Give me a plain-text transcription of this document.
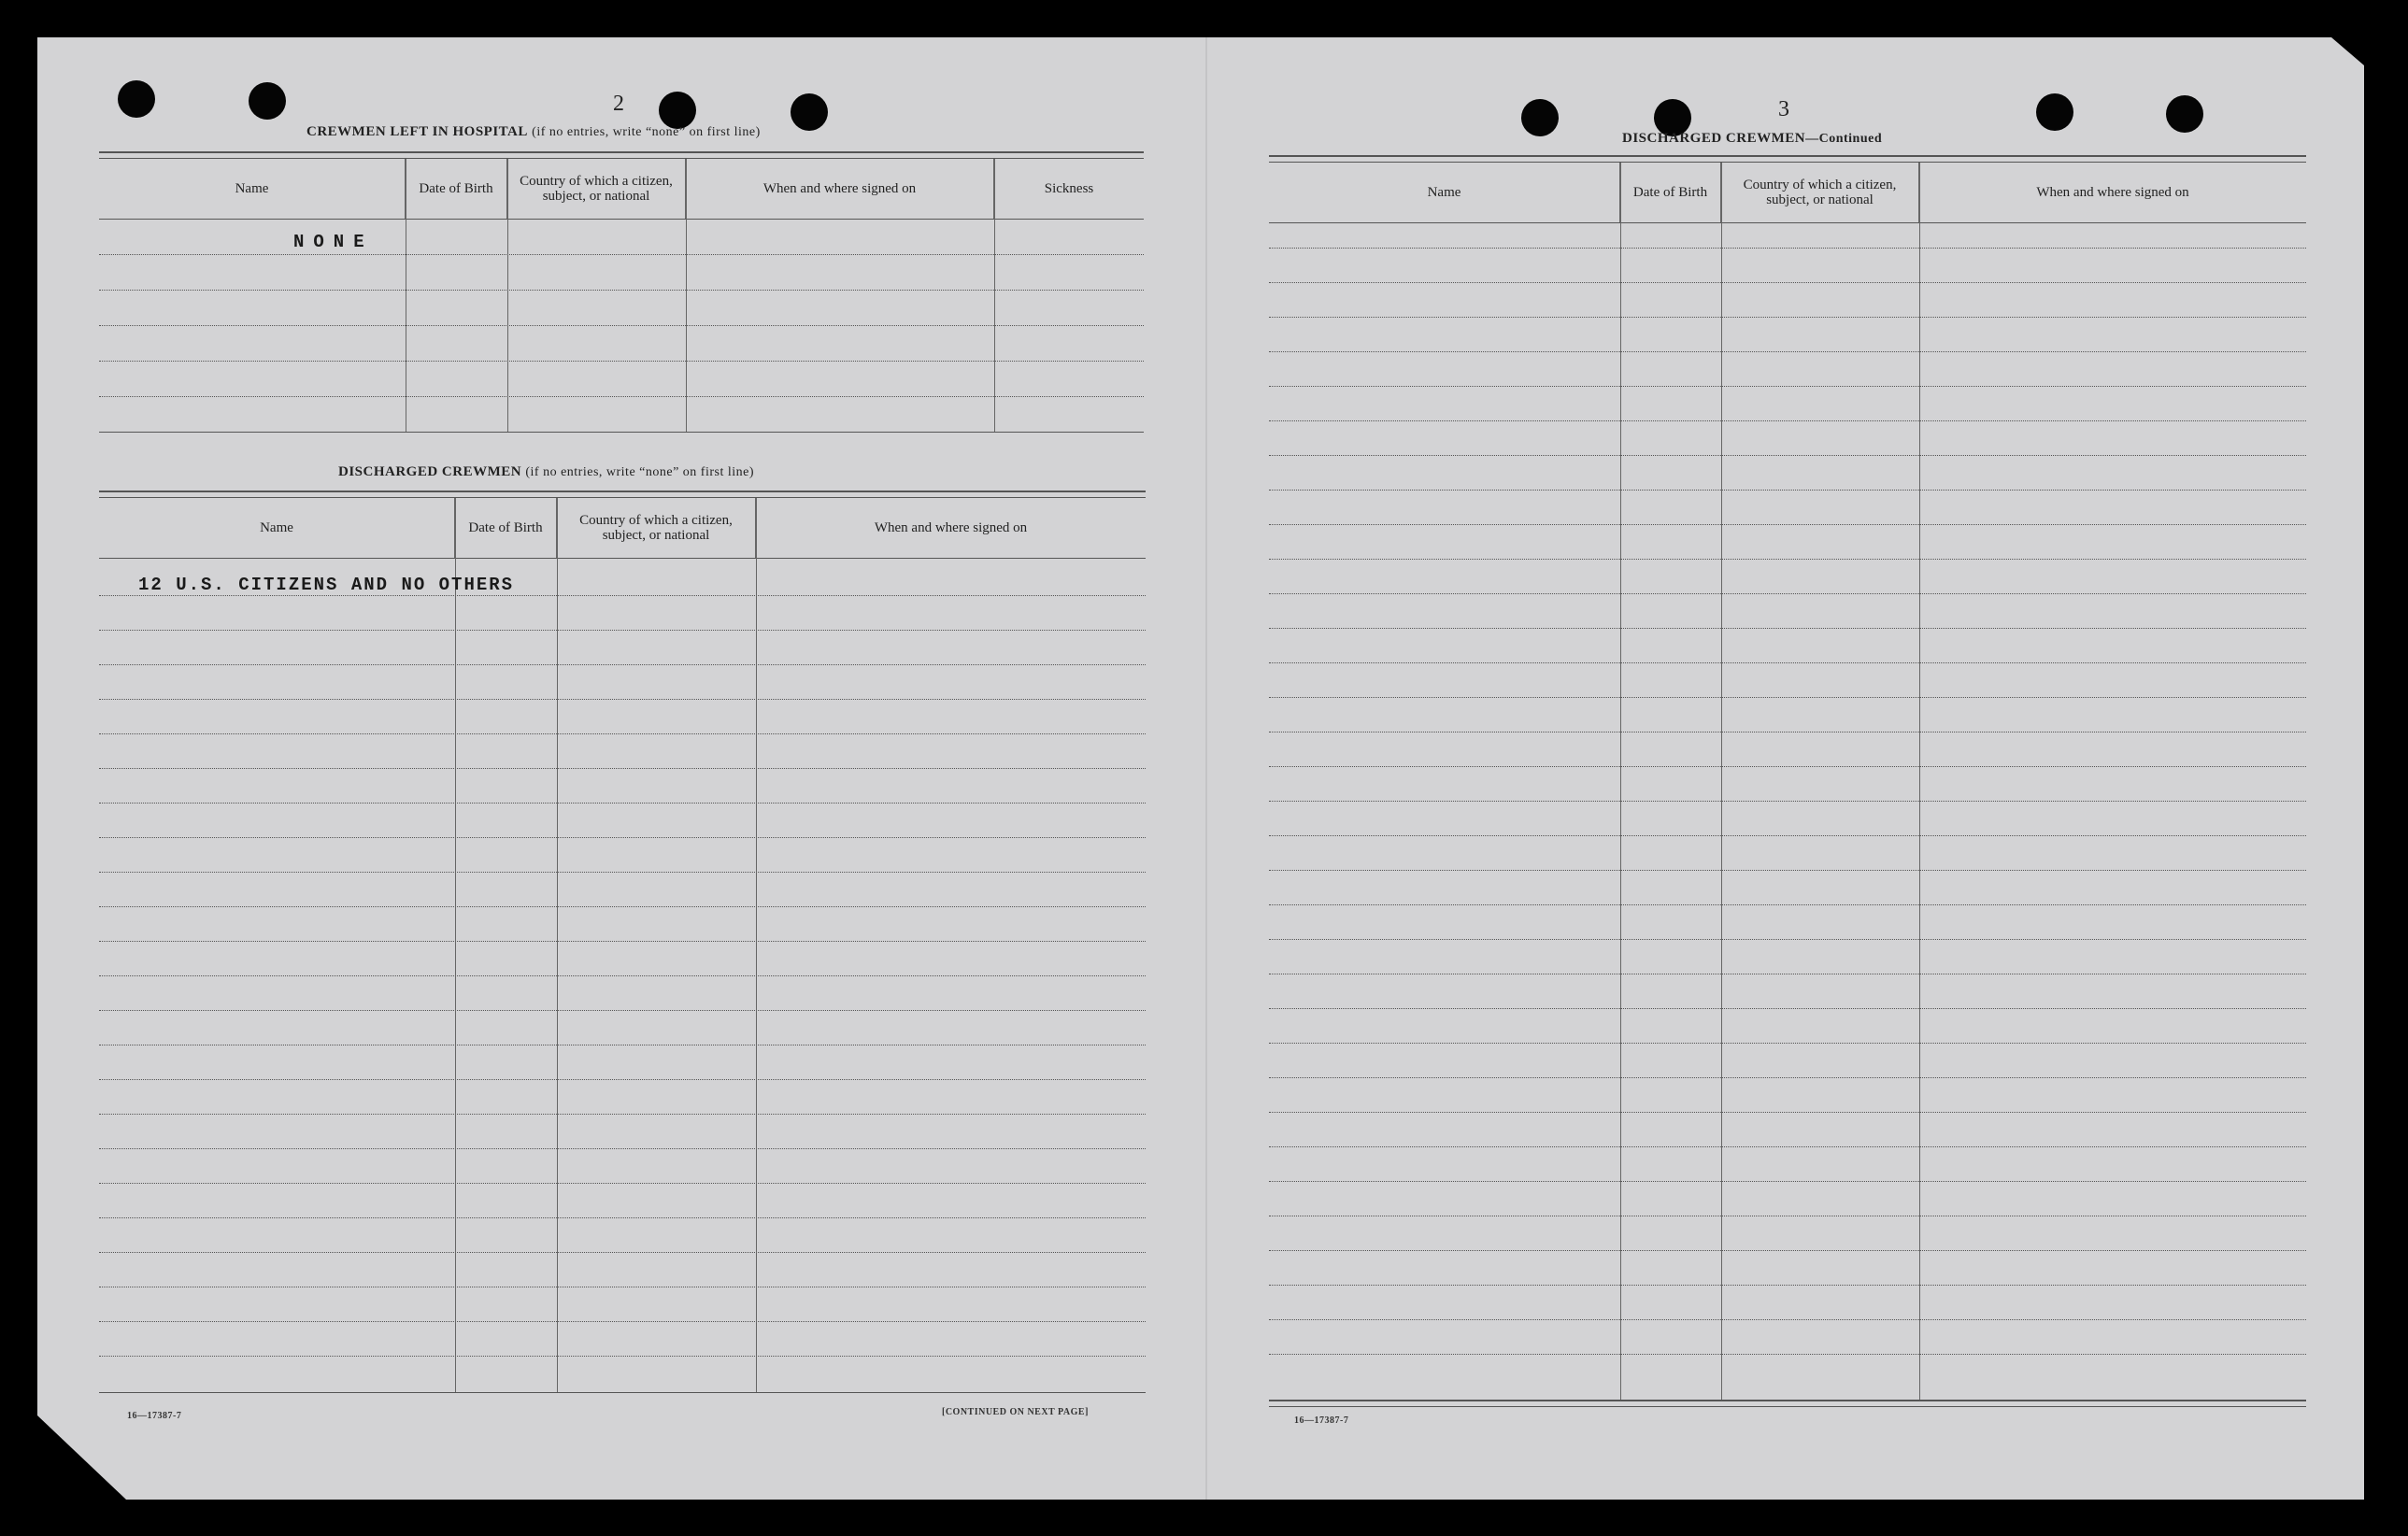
2
CREWMEN LEFT IN HOSPITAL (if no entries, write “none” on first line)
Name	Date of Birth	Country of which a citizen, subject, or national	When and where signed on	Sickness
NONE
DISCHARGED CREWMEN (if no entries, write “none” on first line)
Name	Date of Birth	Country of which a citizen, subject, or national	When and where signed on
12 U.S. CITIZENS AND NO OTHERS
16—17387-7	[CONTINUED ON NEXT PAGE]
3
DISCHARGED CREWMEN—Continued
Name	Date of Birth	Country of which a citizen, subject, or national	When and where signed on
16—17387-7
